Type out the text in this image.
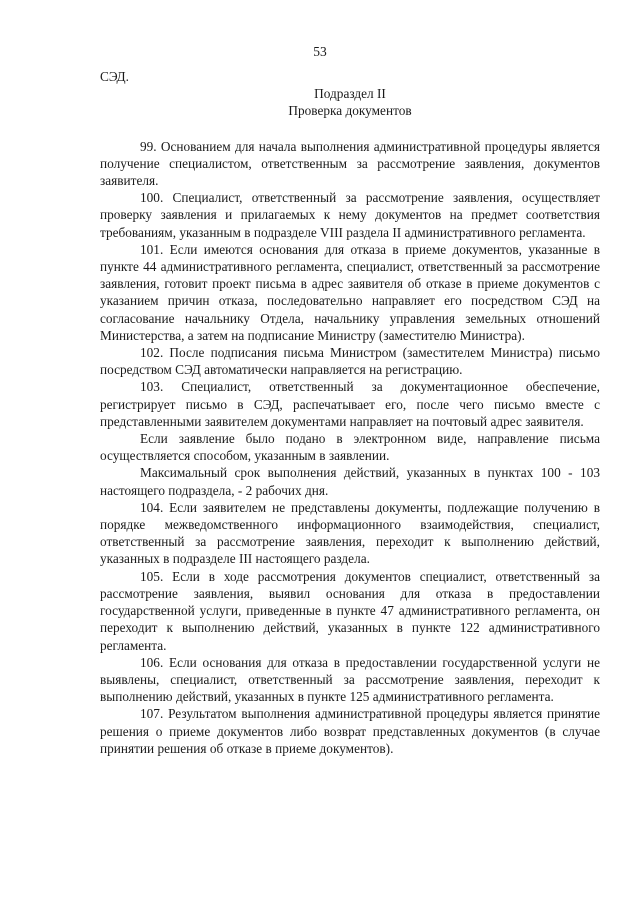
53

СЭД.

Подраздел II

Проверка документов

99. Основанием для начала выполнения административной процедуры является получение специалистом, ответственным за рассмотрение заявления, документов заявителя.

100. Специалист, ответственный за рассмотрение заявления, осуществляет проверку заявления и прилагаемых к нему документов на предмет соответствия требованиям, указанным в подразделе VIII раздела II административного регламента.

101. Если имеются основания для отказа в приеме документов, указанные в пункте 44 административного регламента, специалист, ответственный за рассмотрение заявления, готовит проект письма в адрес заявителя об отказе в приеме документов с указанием причин отказа, последовательно направляет его посредством СЭД на согласование начальнику Отдела, начальнику управления земельных отношений Министерства, а затем на подписание Министру (заместителю Министра).

102. После подписания письма Министром (заместителем Министра) письмо посредством СЭД автоматически направляется на регистрацию.

103. Специалист, ответственный за документационное обеспечение, регистрирует письмо в СЭД, распечатывает его, после чего письмо вместе с представленными заявителем документами направляет на почтовый адрес заявителя.

Если заявление было подано в электронном виде, направление письма осуществляется способом, указанным в заявлении.

Максимальный срок выполнения действий, указанных в пунктах 100 - 103 настоящего подраздела, - 2 рабочих дня.

104. Если заявителем не представлены документы, подлежащие получению в порядке межведомственного информационного взаимодействия, специалист, ответственный за рассмотрение заявления, переходит к выполнению действий, указанных в подразделе III настоящего раздела.

105. Если в ходе рассмотрения документов специалист, ответственный за рассмотрение заявления, выявил основания для отказа в предоставлении государственной услуги, приведенные в пункте 47 административного регламента, он переходит к выполнению действий, указанных в пункте 122 административного регламента.

106. Если основания для отказа в предоставлении государственной услуги не выявлены, специалист, ответственный за рассмотрение заявления, переходит к выполнению действий, указанных в пункте 125 административного регламента.

107. Результатом выполнения административной процедуры является принятие решения о приеме документов либо возврат представленных документов (в случае принятии решения об отказе в приеме документов).
